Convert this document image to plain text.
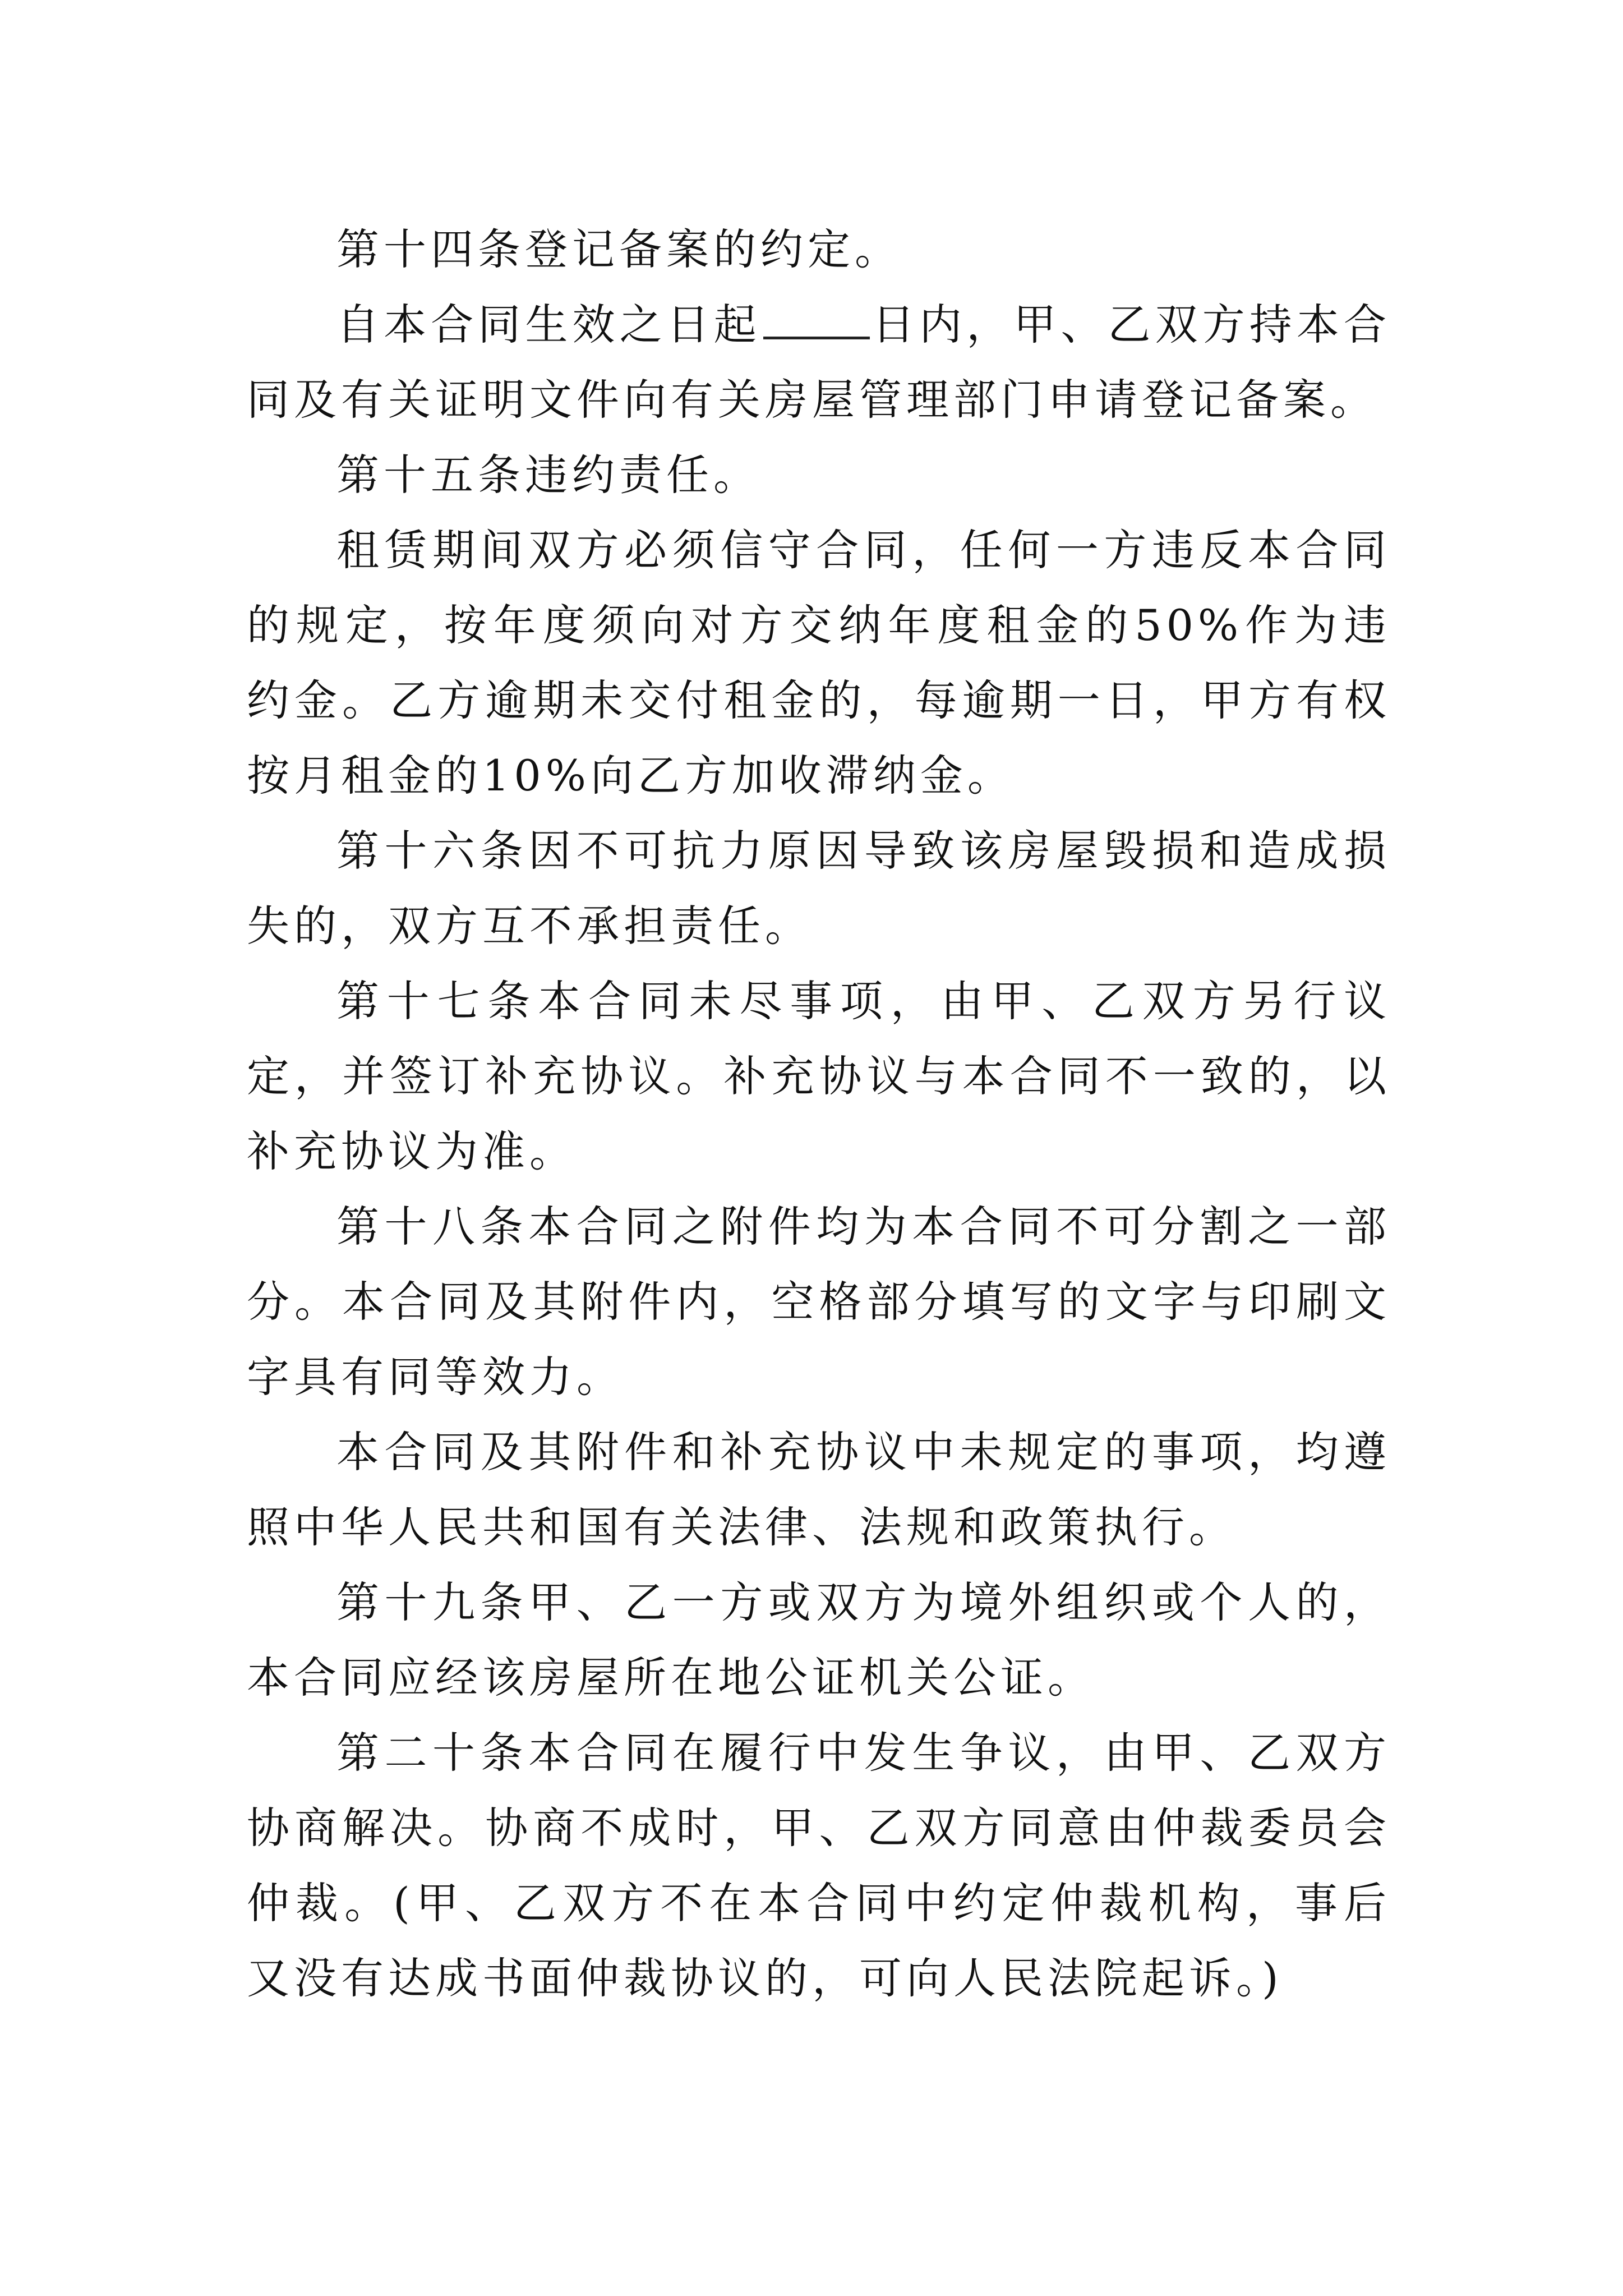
第十四条登记备案的约定。

自本合同生效之日起	日内，甲、乙双方持本合同及有关证明文件向有关房屋管理部门申请登记备案。

第十五条违约责任。

租赁期间双方必须信守合同，任何一方违反本合同的规定，按年度须向对方交纳年度租金的50%作为违约金。乙方逾期未交付租金的，每逾期一日，甲方有权按月租金的10%向乙方加收滞纳金。

第十六条因不可抗力原因导致该房屋毁损和造成损失的，双方互不承担责任。

第十七条本合同未尽事项，由甲、乙双方另行议定，并签订补充协议。补充协议与本合同不一致的，以补充协议为准。

第十八条本合同之附件均为本合同不可分割之一部分。本合同及其附件内，空格部分填写的文字与印刷文字具有同等效力。

本合同及其附件和补充协议中未规定的事项，均遵照中华人民共和国有关法律、法规和政策执行。

第十九条甲、乙一方或双方为境外组织或个人的，本合同应经该房屋所在地公证机关公证。

第二十条本合同在履行中发生争议，由甲、乙双方协商解决。协商不成时，甲、乙双方同意由仲裁委员会仲裁。(甲、乙双方不在本合同中约定仲裁机构，事后又没有达成书面仲裁协议的，可向人民法院起诉。)
